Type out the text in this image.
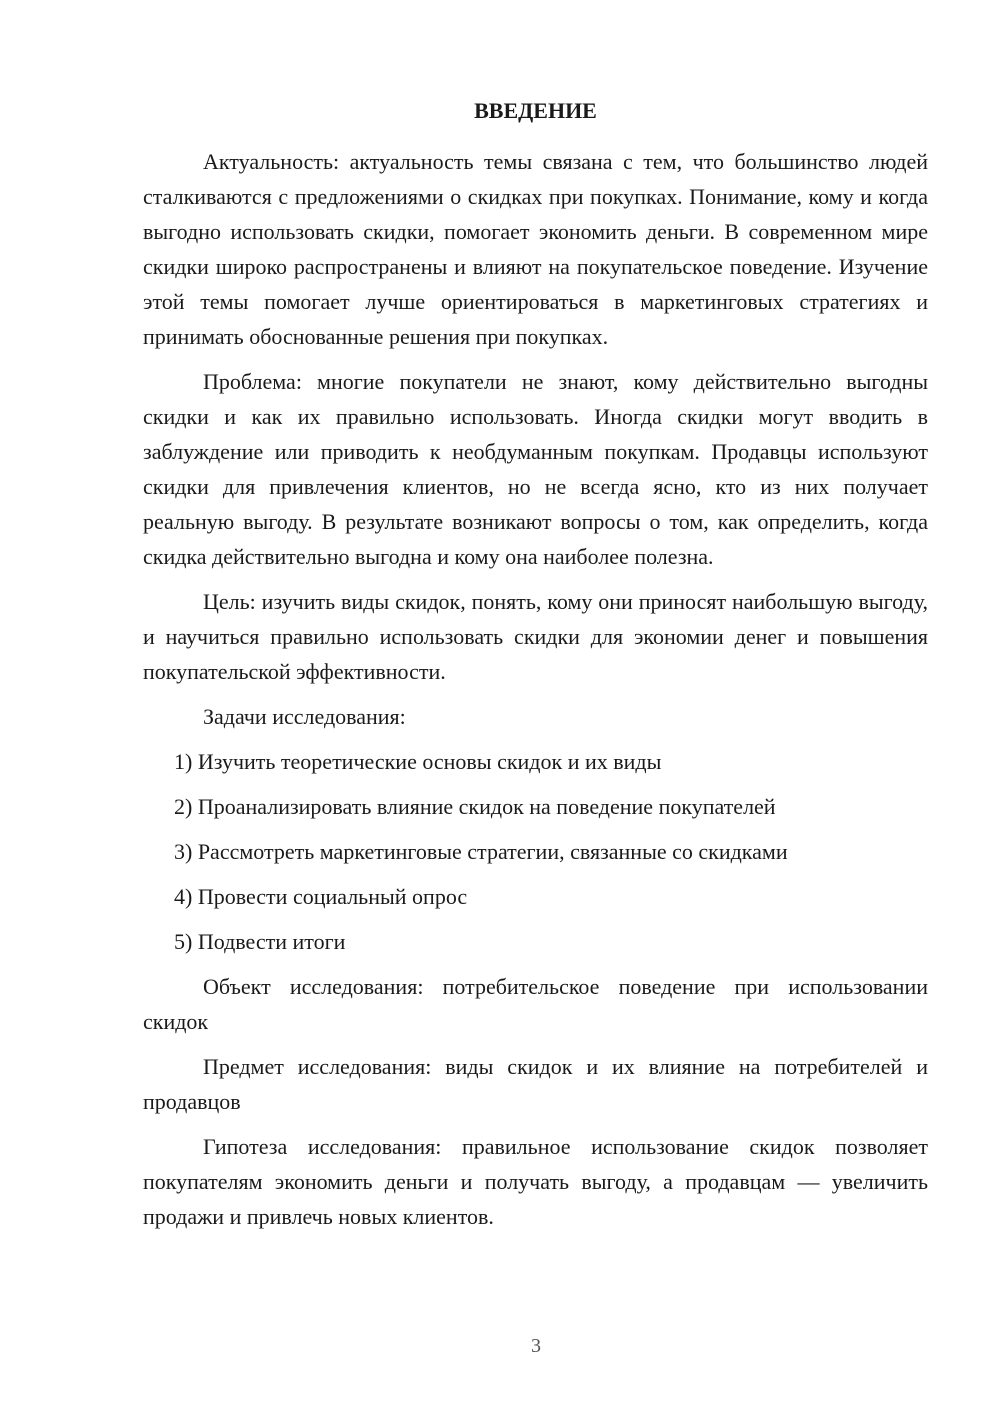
ВВЕДЕНИЕ

Актуальность: актуальность темы связана с тем, что большинство людей сталкиваются с предложениями о скидках при покупках. Понимание, кому и когда выгодно использовать скидки, помогает экономить деньги. В современном мире скидки широко распространены и влияют на покупательское поведение. Изучение этой темы помогает лучше ориентироваться в маркетинговых стратегиях и принимать обоснованные решения при покупках.

Проблема: многие покупатели не знают, кому действительно выгодны скидки и как их правильно использовать. Иногда скидки могут вводить в заблуждение или приводить к необдуманным покупкам. Продавцы используют скидки для привлечения клиентов, но не всегда ясно, кто из них получает реальную выгоду. В результате возникают вопросы о том, как определить, когда скидка действительно выгодна и кому она наиболее полезна.

Цель: изучить виды скидок, понять, кому они приносят наибольшую выгоду, и научиться правильно использовать скидки для экономии денег и повышения покупательской эффективности.

Задачи исследования:

1) Изучить теоретические основы скидок и их виды
2) Проанализировать влияние скидок на поведение покупателей
3) Рассмотреть маркетинговые стратегии, связанные со скидками
4) Провести социальный опрос
5) Подвести итоги

Объект исследования: потребительское поведение при использовании скидок

Предмет исследования: виды скидок и их влияние на потребителей и продавцов

Гипотеза исследования: правильное использование скидок позволяет покупателям экономить деньги и получать выгоду, а продавцам — увеличить продажи и привлечь новых клиентов.

3
